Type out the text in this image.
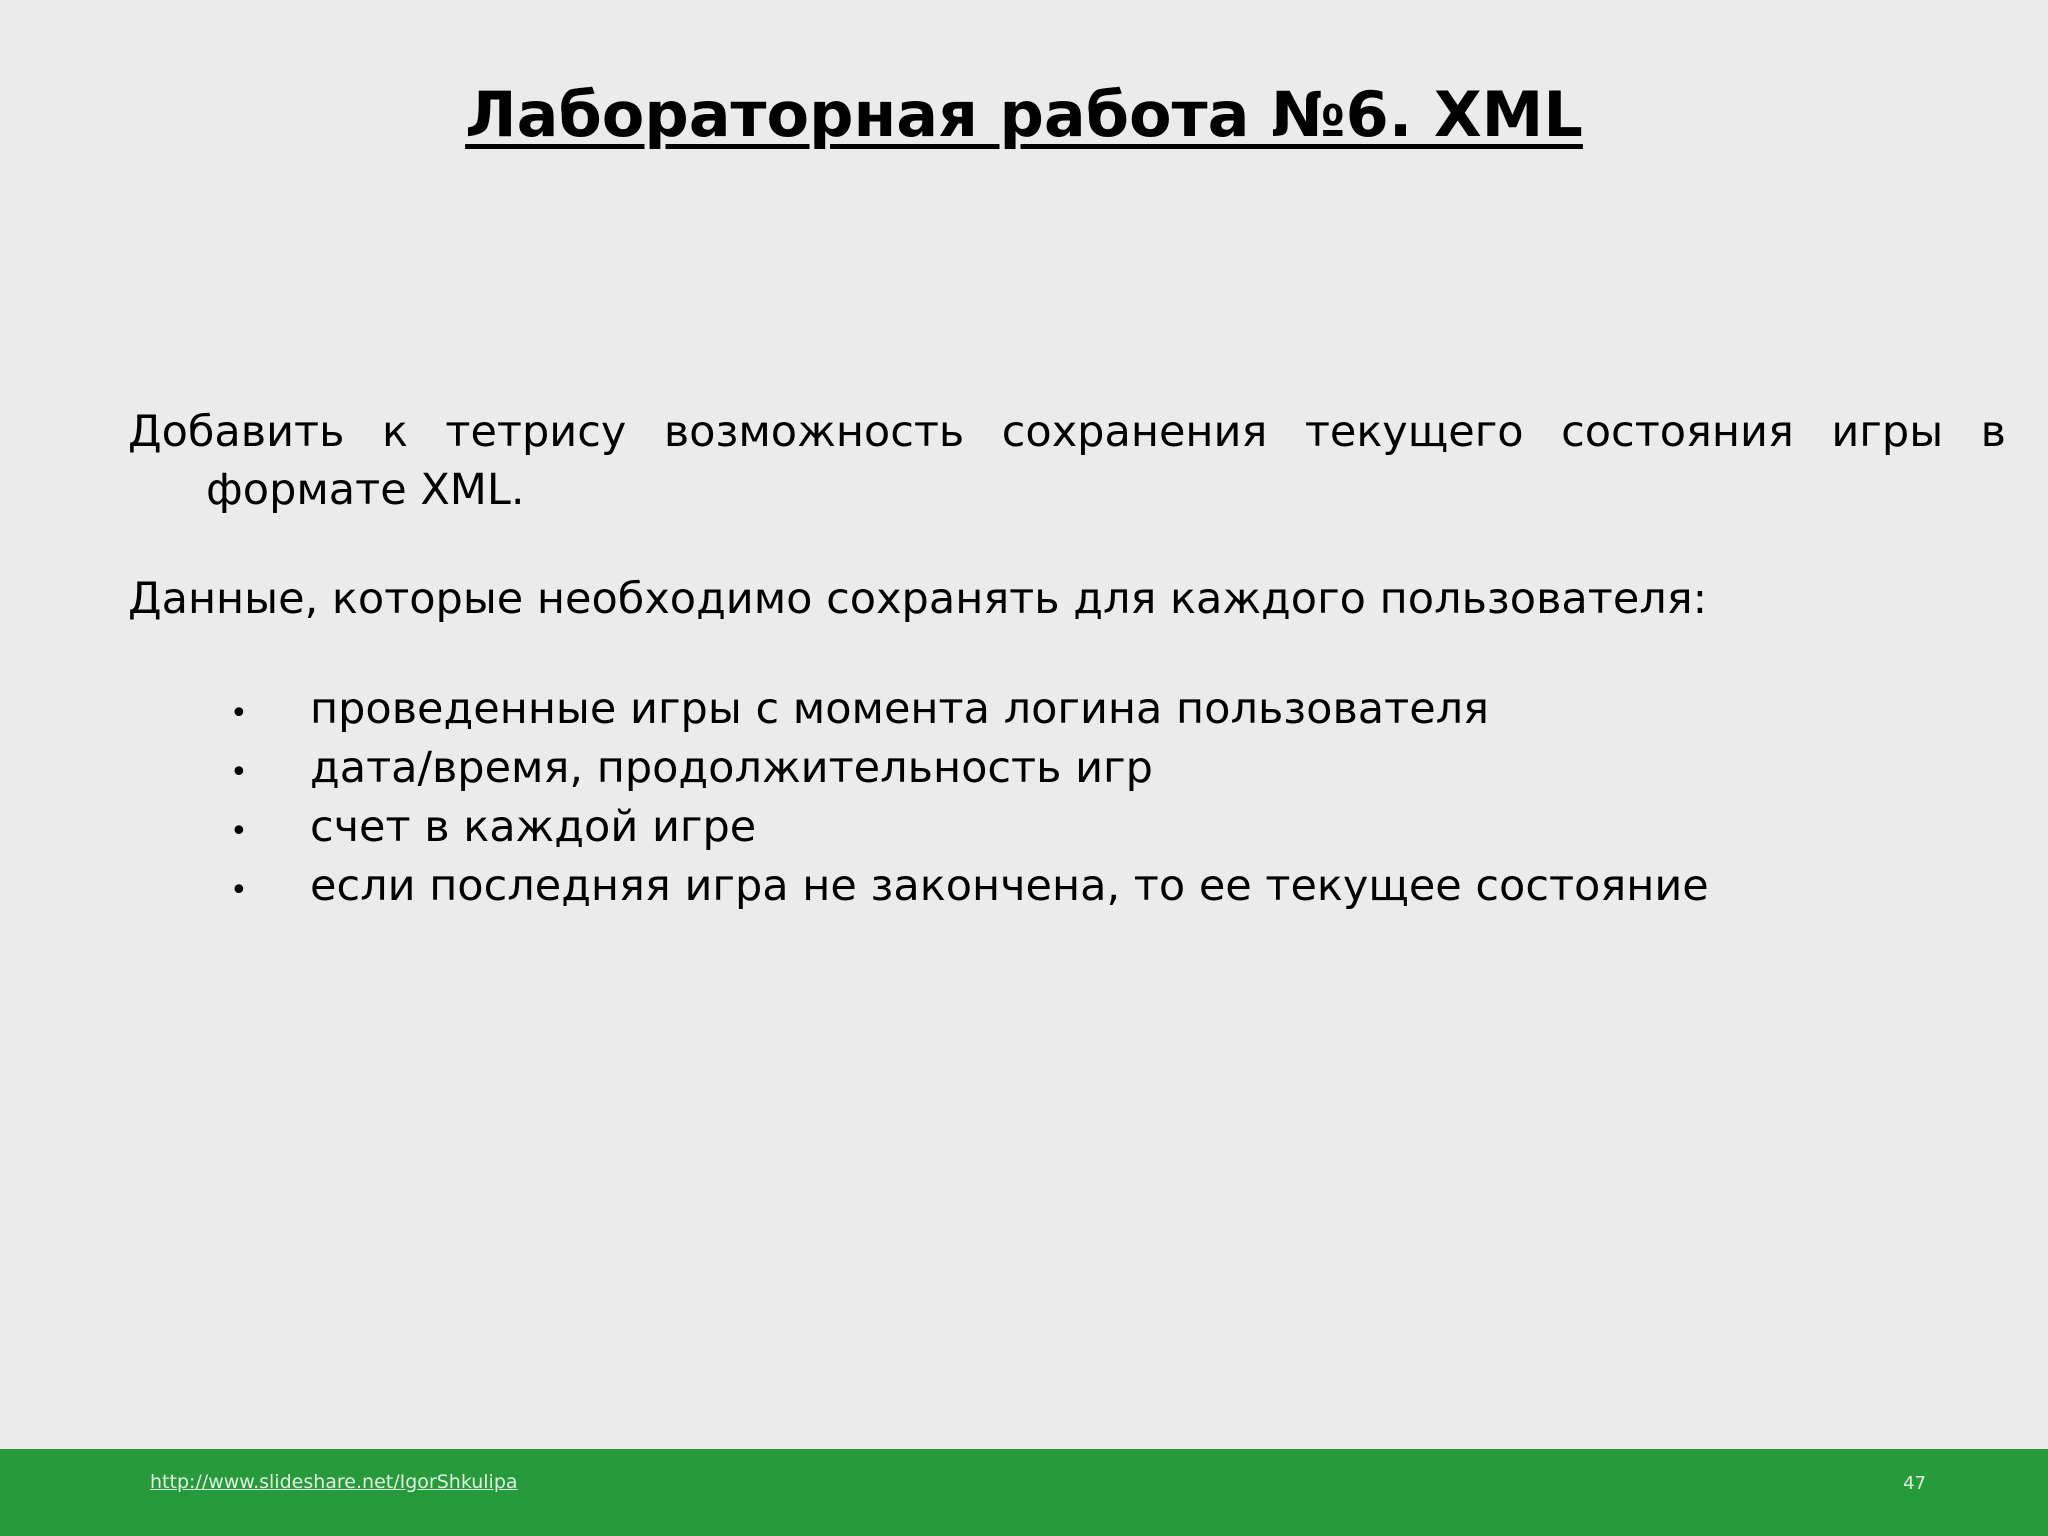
Лабораторная работа №6. XML

Добавить к тетрису возможность сохранения текущего состояния игры в формате XML.

Данные, которые необходимо сохранять для каждого пользователя:

•	проведенные игры с момента логина пользователя
•	дата/время, продолжительность игр
•	счет в каждой игре
•	если последняя игра не закончена, то ее текущее состояние
http://www.slideshare.net/IgorShkulipa	47
